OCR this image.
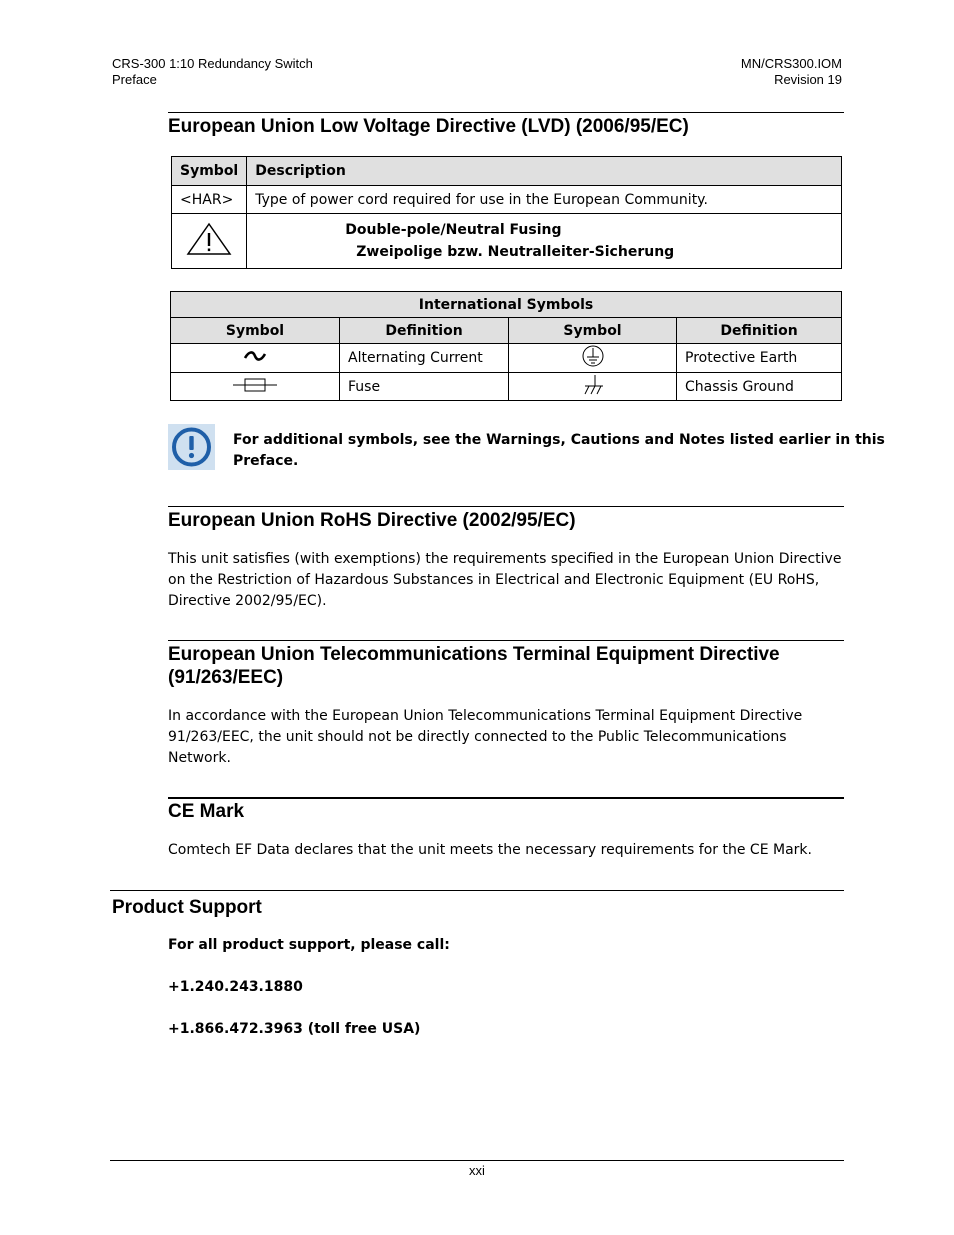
CRS-300 1:10 Redundancy Switch
Preface
MN/CRS300.IOM
Revision 19
European Union Low Voltage Directive (LVD) (2006/95/EC)
Symbol	Description
<HAR>	Type of power cord required for use in the European Community.

Double-pole/Neutral Fusing
Zweipolige bzw. Neutralleiter-Sicherung
International Symbols			
Symbol	Definition	Symbol	Definition
	Alternating Current		Protective Earth
	Fuse		Chassis Ground
For additional symbols, see the Warnings, Cautions and Notes listed earlier in this
Preface.
European Union RoHS Directive (2002/95/EC)
This unit satisfies (with exemptions) the requirements specified in the European Union Directive
on the Restriction of Hazardous Substances in Electrical and Electronic Equipment (EU RoHS,
Directive 2002/95/EC).
European Union Telecommunications Terminal Equipment Directive
(91/263/EEC)
In accordance with the European Union Telecommunications Terminal Equipment Directive
91/263/EEC, the unit should not be directly connected to the Public Telecommunications
Network.
CE Mark
Comtech EF Data declares that the unit meets the necessary requirements for the CE Mark.
Product Support
For all product support, please call:
+1.240.243.1880
+1.866.472.3963 (toll free USA)
xxi
